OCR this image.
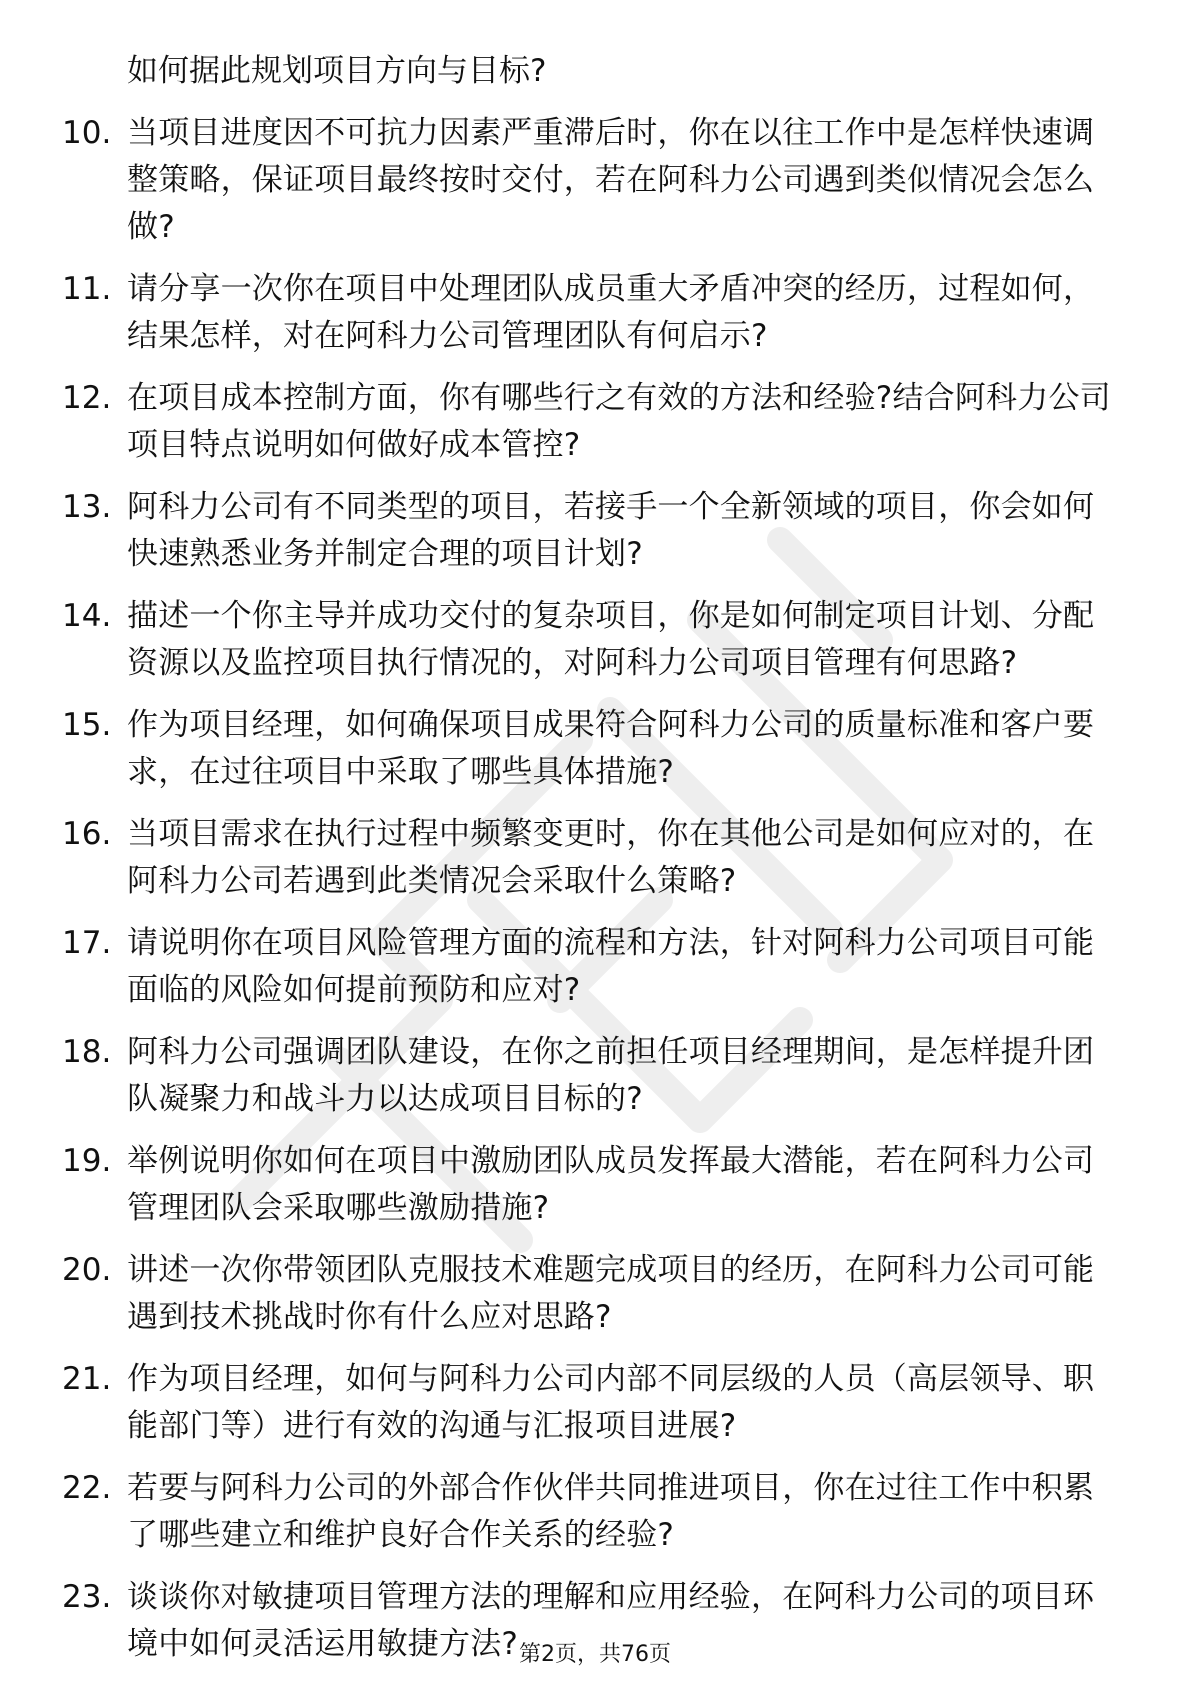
如何据此规划项目方向与目标?
10. 当项目进度因不可抗力因素严重滞后时，你在以往工作中是怎样快速调整策略，保证项目最终按时交付，若在阿科力公司遇到类似情况会怎么做?
11. 请分享一次你在项目中处理团队成员重大矛盾冲突的经历，过程如何，结果怎样，对在阿科力公司管理团队有何启示?
12. 在项目成本控制方面，你有哪些行之有效的方法和经验?结合阿科力公司项目特点说明如何做好成本管控?
13. 阿科力公司有不同类型的项目，若接手一个全新领域的项目，你会如何快速熟悉业务并制定合理的项目计划?
14. 描述一个你主导并成功交付的复杂项目，你是如何制定项目计划、分配资源以及监控项目执行情况的，对阿科力公司项目管理有何思路?
15. 作为项目经理，如何确保项目成果符合阿科力公司的质量标准和客户要求，在过往项目中采取了哪些具体措施?
16. 当项目需求在执行过程中频繁变更时，你在其他公司是如何应对的，在阿科力公司若遇到此类情况会采取什么策略?
17. 请说明你在项目风险管理方面的流程和方法，针对阿科力公司项目可能面临的风险如何提前预防和应对?
18. 阿科力公司强调团队建设，在你之前担任项目经理期间，是怎样提升团队凝聚力和战斗力以达成项目目标的?
19. 举例说明你如何在项目中激励团队成员发挥最大潜能，若在阿科力公司管理团队会采取哪些激励措施?
20. 讲述一次你带领团队克服技术难题完成项目的经历，在阿科力公司可能遇到技术挑战时你有什么应对思路?
21. 作为项目经理，如何与阿科力公司内部不同层级的人员（高层领导、职能部门等）进行有效的沟通与汇报项目进展?
22. 若要与阿科力公司的外部合作伙伴共同推进项目，你在过往工作中积累了哪些建立和维护良好合作关系的经验?
23. 谈谈你对敏捷项目管理方法的理解和应用经验，在阿科力公司的项目环境中如何灵活运用敏捷方法? 第2页，共76页
